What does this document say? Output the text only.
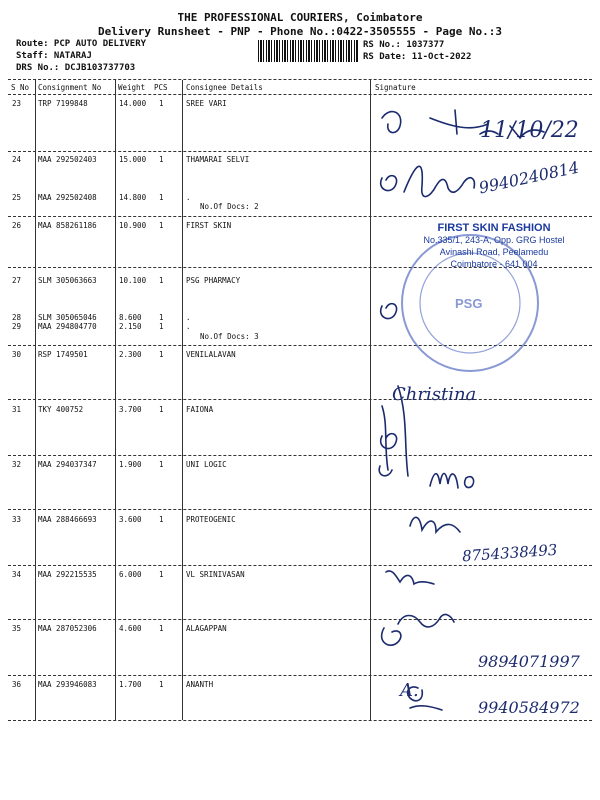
THE PROFESSIONAL COURIERS, Coimbatore
Delivery Runsheet - PNP - Phone No.:0422-3505555 - Page No.:3
Route: PCP AUTO DELIVERY
Staff: NATARAJ
DRS No.: DCJB103737703
RS No.: 1037377
RS Date: 11-Oct-2022
S No Consignment No Weight PCS Consignee Details	Signature
23 TRP 7199848	14.000 1	SREE VARI
24 MAA 292502403	15.000 1	THAMARAI SELVI
25 MAA 292502408	14.800 1	.
No.Of Docs: 2
26 MAA 858261186	10.900 1	FIRST SKIN
27 SLM 305063663	10.100 1	PSG PHARMACY
28 SLM 305065046	8.600 1	.
29 MAA 294804770	2.150 1	.
No.Of Docs: 3
30 RSP 1749501	2.300 1	VENILALAVAN
31 TKY 400752	3.700 1	FAIONA
32 MAA 294037347	1.900 1	UNI LOGIC
33 MAA 288466693	3.600 1	PROTEOGENIC
34 MAA 292215535	6.000 1	VL SRINIVASAN
35 MAA 287052306	4.600 1	ALAGAPPAN
36 MAA 293946083	1.700 1	ANANTH
PSG
FIRST SKIN FASHION
No.335/1, 243-A, Opp. GRG Hostel
Avinashi Road, Peelamedu
Coimbatore - 641 004
11/10/22
9940240814
Christina
8754338493
9894071997
A.
9940584972
